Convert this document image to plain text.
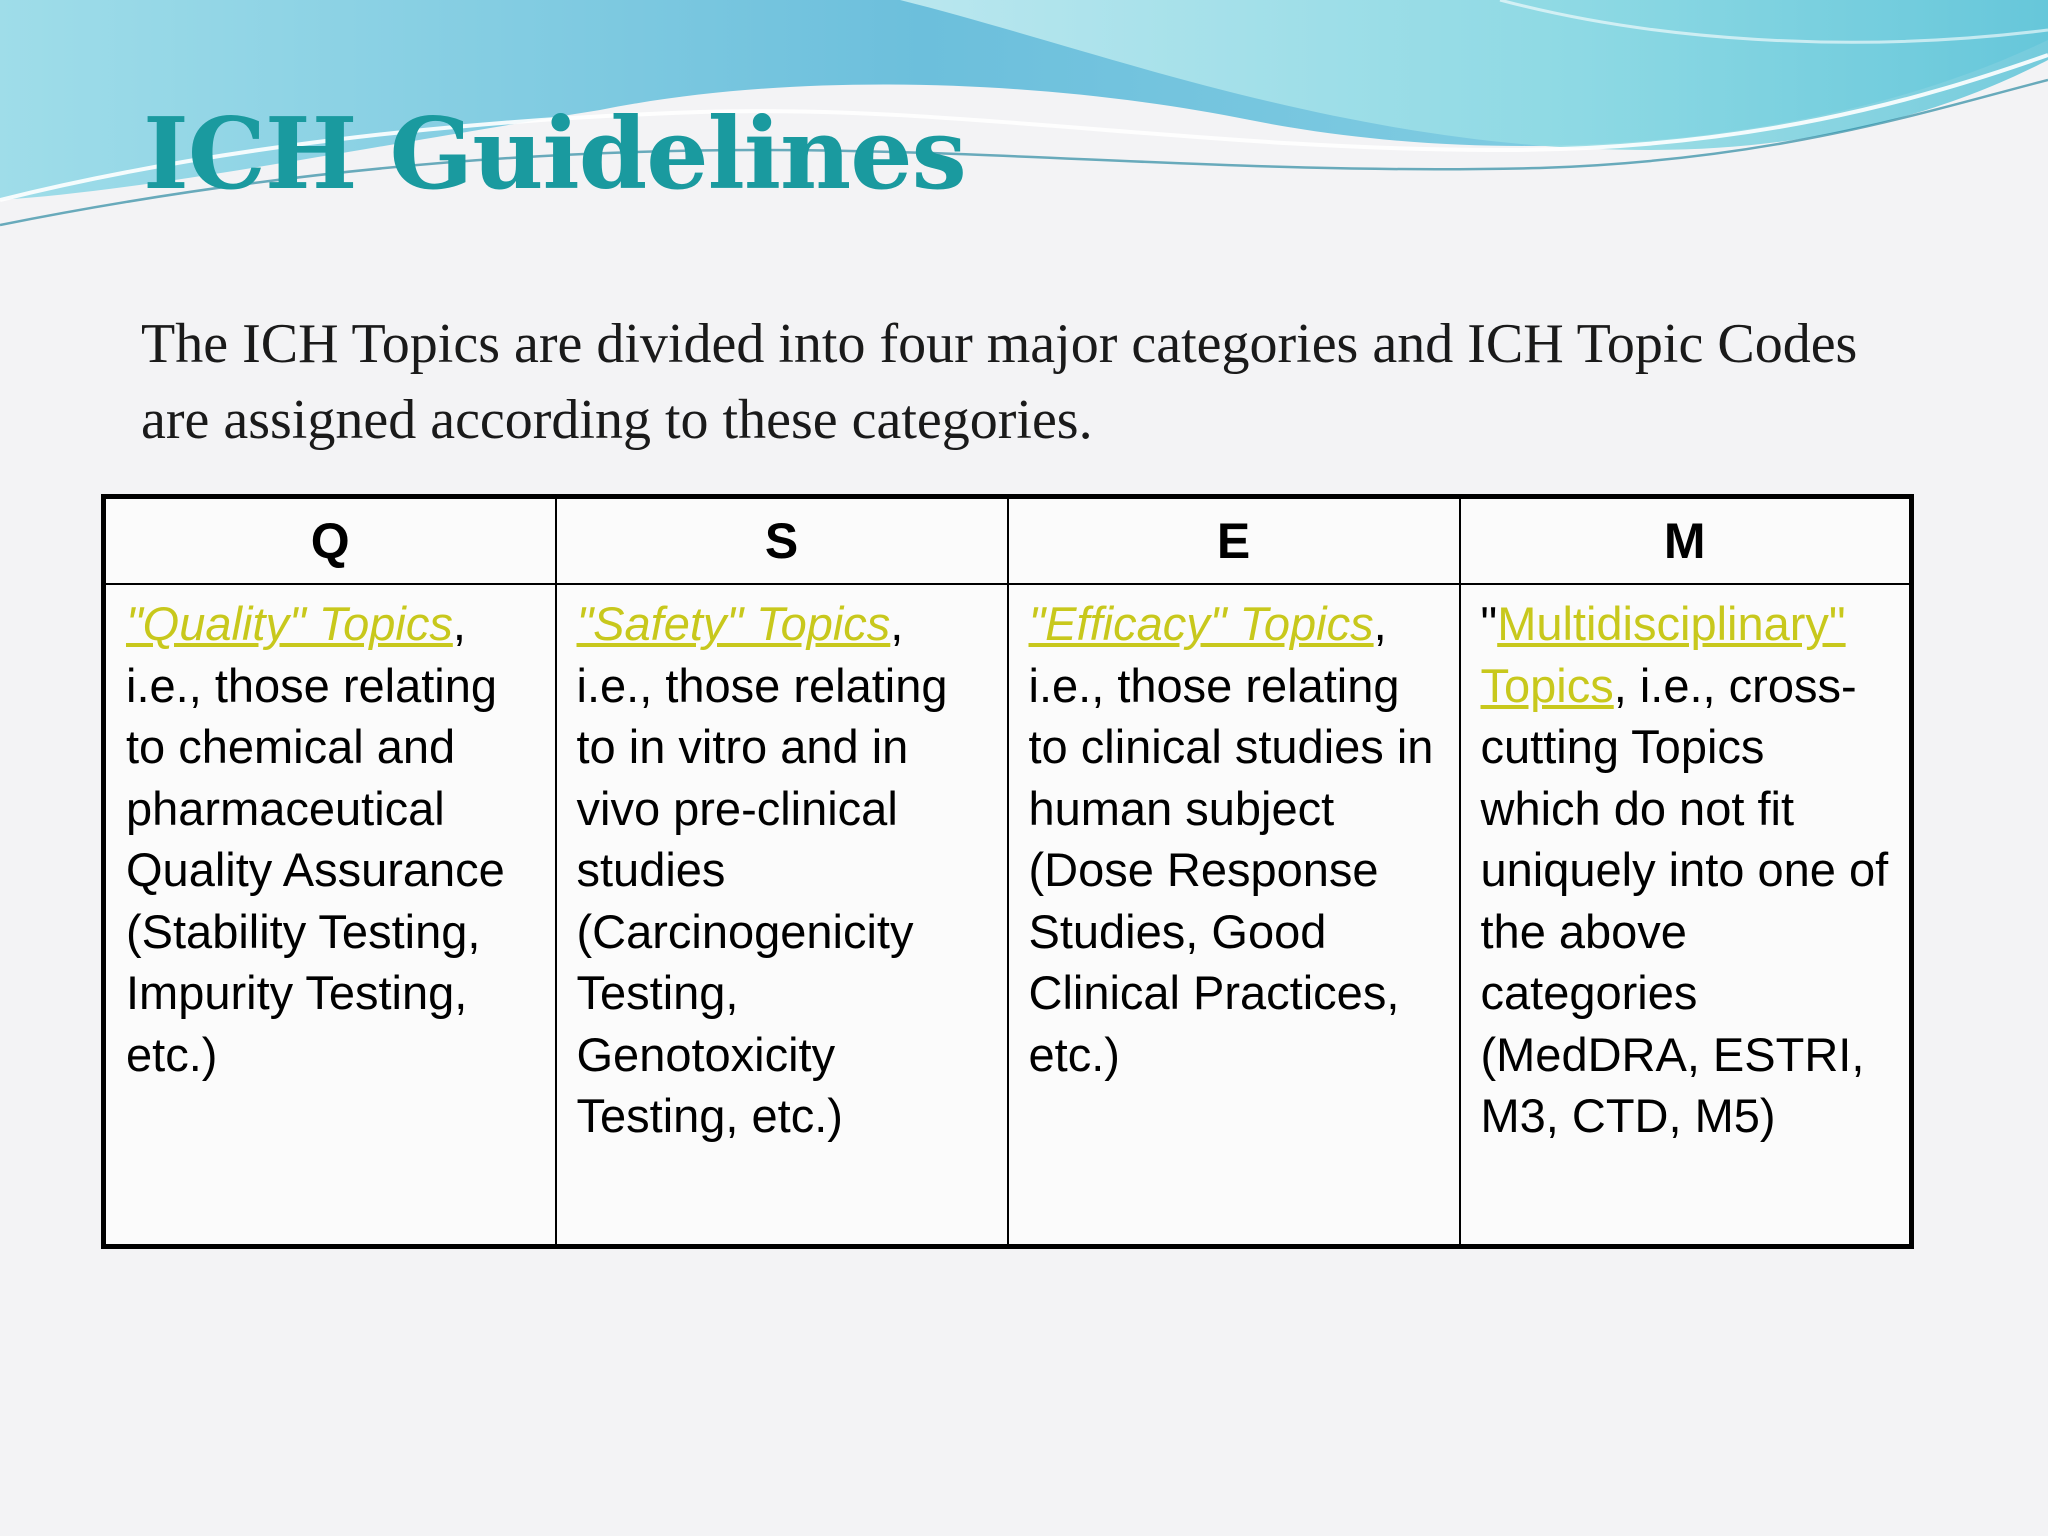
ICH Guidelines

The ICH Topics are divided into four major categories and ICH Topic Codes are assigned according to these categories.

Q	S	E	M
"Quality" Topics, i.e., those relating to chemical and pharmaceutical Quality Assurance (Stability Testing, Impurity Testing, etc.)	"Safety" Topics, i.e., those relating to in vitro and in vivo pre-clinical studies (Carcinogenicity Testing, Genotoxicity Testing, etc.)	"Efficacy" Topics, i.e., those relating to clinical studies in human subject (Dose Response Studies, Good Clinical Practices, etc.)	"Multidisciplinary" Topics, i.e., cross-cutting Topics which do not fit uniquely into one of the above categories (MedDRA, ESTRI, M3, CTD, M5)
